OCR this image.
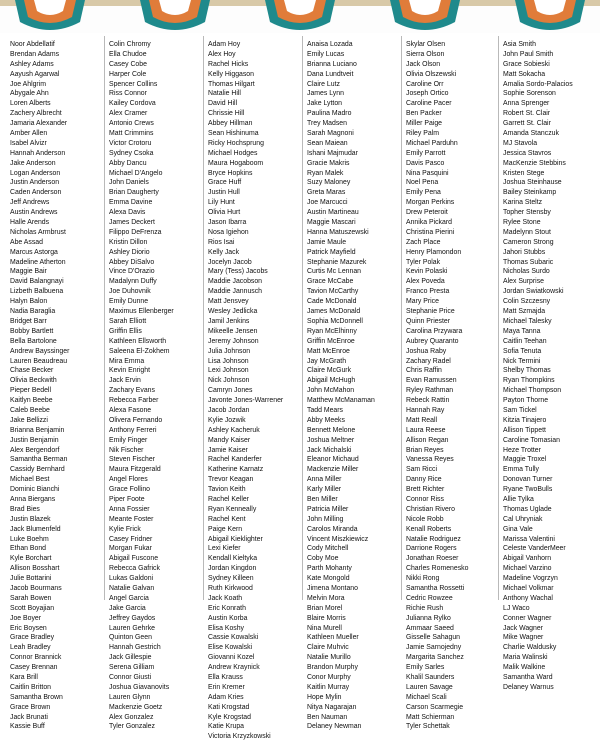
Noor Abdellatif
Brendan Adams
Ashley Adams
Aayush Agarwal
Joe Ahlgrim
Abygale Ahn
Loren Alberts
Zachery Albrecht
Jamaria Alexander
Amber Allen
Isabel Alvizr
Hannah Anderson
Jake Anderson
Logan Anderson
Justin Anderson
Caden Anderson
Jeff Andrews
Austin Andrews
Halle Arends
Nicholas Armbrust
Abe Assad
Marcus Astorga
Madeline Atherton
Maggie Bair
David Balangnayi
Lizbeth Balbuena
Halyn Balon
Nadia Baraglia
Bridget Barr
Bobby Bartlett
Bella Bartolone
Andrew Bayssinger
Lauren Beaudreau
Chase Becker
Olivia Beckwith
Pieper Bedell
Kaitlyn Beebe
Caleb Beebe
Jake Bellizzi
Brianna Benjamin
Justin Benjamin
Alex Bergendorf
Samantha Berman
Cassidy Bernhard
Michael Best
Dominic Bianchi
Anna Biergans
Brad Bies
Justin Blazek
Jack Blumenfeld
Luke Boehm
Ethan Bond
Kyle Borchart
Allison Bosshart
Julie Bottarini
Jacob Bourmans
Sarah Bowen
Scott Boyajian
Joe Boyer
Eric Boysen
Grace Bradley
Leah Bradley
Connor Brannick
Casey Brennan
Kara Brill
Caitlin Britton
Samantha Brown
Grace Brown
Jack Brunati
Kassie Buff
Colin Chromy
Ella Chudoe
Casey Cobe
Harper Cole
Spencer Collins
Riss Connor
Kailey Cordova
Alex Cramer
Antonio Crews
Matt Crimmins
Victor Crotoru
Sydney Csoka
Abby Dancu
Michael D'Angelo
John Daniels
Brian Daugherty
Emma Davine
Alexa Davis
James Deckert
Filippo DeFrenza
Kristin Dillon
Ashley Diorio
Abbey DiSalvo
Vince D'Orazio
Madalynn Duffy
Joe Duhovnik
Emily Dunne
Maximus Ellenberger
Sarah Elliott
Griffin Ellis
Kathleen Ellsworth
Saleena El-Zokhem
Mira Emma
Kevin Enright
Jack Ervin
Zachary Evans
Rebecca Farber
Alexa Fasone
Olivera Fernando
Anthony Ferreri
Emily Finger
Nik Fischer
Steven Fischer
Maura Fitzgerald
Angel Flores
Grace Follino
Piper Foote
Anna Fossier
Meante Foster
Kylie Frick
Casey Fridner
Morgan Fukar
Abigail Fuscone
Rebecca Gafrick
Lukas Galdoni
Natalie Galvan
Angel Garcia
Jake Garcia
Jeffrey Gaydos
Lauren Gehrke
Quinton Geen
Hannah Gestrich
Jack Gillespie
Serena Gilliam
Connor Giusti
Joshua Giavanovits
Lauren Glynn
Mackenzie Goetz
Alex Gonzalez
Tyler Gonzalez
Adam Hoy
Alex Hoy
Rachel Hicks
Kelly Higgason
Thomas Hilgart
Natalie Hill
David Hill
Chrissie Hill
Abbey Hillman
Sean Hishinuma
Ricky Hochsprung
Michael Hodges
Maura Hogaboom
Bryce Hopkins
Grace Huff
Justin Hull
Lily Hunt
Olivia Hurt
Jason Ibarra
Nosa Igiehon
Rios Isai
Kelly Jack
Jocelyn Jacob
Mary (Tess) Jacobs
Maddie Jacobson
Maddie Jannusch
Matt Jensvey
Wesley Jedlicka
Jamil Jenkins
Mikeelle Jensen
Jeremy Johnson
Julia Johnson
Lisa Johnson
Lexi Johnson
Nick Johnson
Camryn Jones
Javonte Jones-Warrener
Jacob Jordan
Kylie Jozwik
Ashley Kacheruk
Mandy Kaiser
Jamie Kaiser
Rachel Kanderfer
Katherine Karnatz
Trevor Keagan
Tavion Keith
Rachel Keller
Ryan Kenneally
Rachel Kent
Paige Kern
Abigail Kieklighter
Lexi Kiefer
Kendall Kieltyka
Jordan Kingdon
Sydney Killeen
Ruth Kirkwood
Jack Koath
Eric Konrath
Austin Korba
Elisa Koshy
Cassie Kowalski
Elise Kowalski
Giovanni Kozel
Andrew Kraynick
Ella Krauss
Erin Kremer
Adam Kries
Kati Krogstad
Kyle Krogstad
Katie Krupa
Victoria Krzyzkowski
Anaisa Lozada
Emily Lucas
Brianna Luciano
Dana Lundtveit
Claire Lutz
James Lynn
Jake Lytton
Paulina Madro
Trey Madsen
Sarah Magnoni
Sean Maiean
Ishani Majmudar
Gracie Makris
Ryan Malek
Suzy Maloney
Greta Maras
Joe Marcucci
Austin Martineau
Maggie Mascari
Hanna Matuszewski
Jamie Maule
Patrick Mayfield
Stephanie Mazurek
Curtis Mc Lennan
Grace McCabe
Tavion McCarthy
Cade McDonald
James McDonald
Sophia McDonnell
Ryan McElhinny
Griffin McEnroe
Matt McEnroe
Jay McGrath
Claire McGurk
Abigail McHugh
John McMahon
Matthew McManaman
Tadd Mears
Abby Meeks
Bennett Melone
Joshua Meltner
Jack Michalski
Eleanor Michaud
Mackenzie Miller
Anna Miller
Karly Miller
Ben Miller
Patricia Miller
John Milling
Carolos Miranda
Vincent Miszkiewicz
Cody Mitchell
Coby Moe
Parth Mohanty
Kate Mongold
Jimena Montano
Melvin Mora
Brian Morel
Blaire Morris
Nina Murell
Kathleen Mueller
Claire Muhvic
Natalie Murillo
Brandon Murphy
Conor Murphy
Kaitlin Murray
Hope Mylin
Nitya Nagarajan
Ben Nauman
Delaney Newman
Skylar Olsen
Sierra Olson
Jack Olson
Olivia Olszewski
Caroline Orr
Joseph Ortico
Caroline Pacer
Ben Packer
Miller Paige
Riley Palm
Michael Parduhn
Emily Parrott
Davis Pasco
Nina Pasquini
Noel Pena
Emily Pena
Morgan Perkins
Drew Peteroit
Annika Pickard
Christina Pierini
Zach Place
Henry Plamondon
Tyler Polak
Kevin Polaski
Alex Poveda
Franco Presta
Mary Price
Stephanie Price
Quinn Priester
Carolina Przywara
Aubrey Quaranto
Joshua Raby
Zachary Radel
Chris Raffin
Evan Ramussen
Ryley Rathman
Rebeck Rattin
Hannah Ray
Matt Reall
Laura Reese
Allison Regan
Brian Reyes
Vanessa Reyes
Sam Ricci
Danny Rice
Brett Richter
Connor Riss
Christian Rivero
Nicole Robb
Kenall Roberts
Natalie Rodriguez
Darrione Rogers
Jonathan Roeser
Charles Romenesko
Nikki Rong
Samantha Rossetti
Cedric Rowzee
Richie Rush
Julianna Rylko
Ammaar Saeed
Gisselle Sahagun
Jamie Sarnojedny
Margarita Sanchez
Emily Sarles
Khalil Saunders
Lauren Savage
Michael Scali
Carson Scarmegie
Matt Schierman
Tyler Schettak
Asia Smith
John Paul Smith
Grace Sobieski
Matt Sokacha
Amalia Sordo-Palacios
Sophie Sorenson
Anna Sprenger
Robert St. Clair
Garrett St. Clair
Amanda Stanczuk
MJ Stavola
Jessica Stavros
MacKenzie Stebbins
Kristen Stege
Joshua Steinhause
Bailey Steinkamp
Karina Steltz
Topher Stensby
Rylee Stone
Madelynn Stout
Cameron Strong
Jahori Stubbs
Thomas Subaric
Nicholas Surdo
Alex Surprise
Jordan Swiatkowski
Colin Szczesny
Matt Szmajda
Michael Talesky
Maya Tanna
Caitlin Teehan
Sofia Tenuta
Nick Termini
Shelby Thomas
Ryan Thompkins
Michael Thompson
Payton Thorne
Sam Tickel
Kitzia Tinajero
Allison Tippett
Caroline Tomasian
Heze Trotter
Maggie Troxel
Emma Tully
Donovan Turner
Ryane TwoBulls
Allie Tylka
Thomas Uglade
Cal Uhryniak
Gina Vale
Marissa Valentini
Celeste VanderMeer
Abigail Vanhorn
Michael Varzino
Madeline Vogrzyn
Michael Volkmar
Anthony Wachal
LJ Waco
Conner Wagner
Jack Wagner
Mike Wagner
Charlie Waldusky
Maria Walinski
Malik Walkine
Samantha Ward
Delaney Warnus
